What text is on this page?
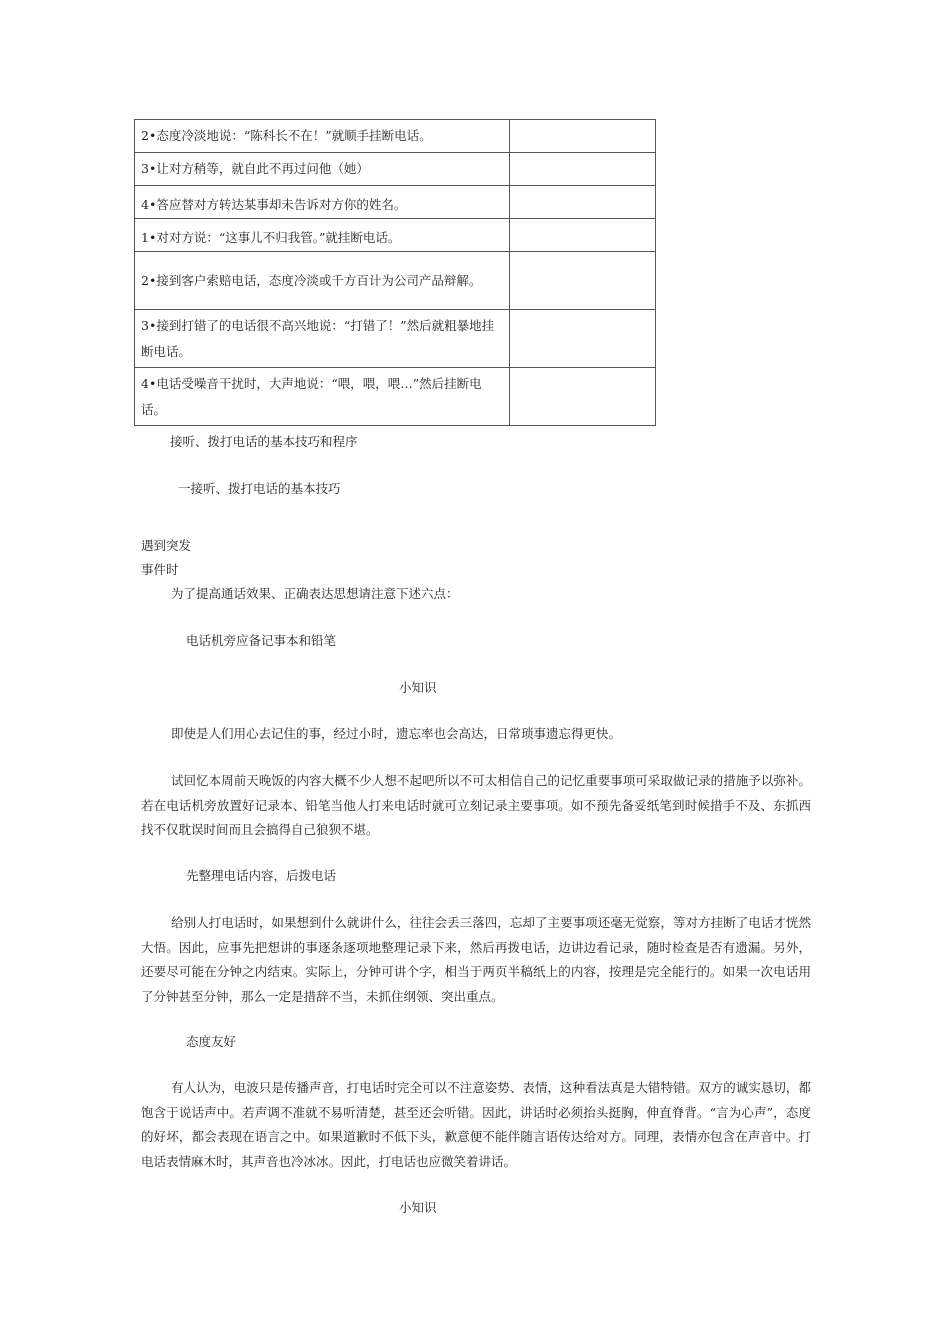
2•态度冷淡地说：“陈科长不在！”就顺手挂断电话。	
3•让对方稍等，就自此不再过问他（她）	
4•答应替对方转达某事却未告诉对方你的姓名。	
1•对对方说：“这事儿不归我管。”就挂断电话。	
2•接到客户索赔电话，态度冷淡或千方百计为公司产品辩解。	
3•接到打错了的电话很不高兴地说：“打错了！”然后就粗暴地挂断电话。	
4•电话受噪音干扰时，大声地说：“喂，喂，喂…”然后挂断电话。	
接听、拨打电话的基本技巧和程序
一接听、拨打电话的基本技巧
遇到突发
事件时
为了提高通话效果、正确表达思想请注意下述六点：
电话机旁应备记事本和铅笔
小知识
即使是人们用心去记住的事，经过小时，遗忘率也会高达，日常琐事遗忘得更快。
试回忆本周前天晚饭的内容大概不少人想不起吧所以不可太相信自己的记忆重要事项可采取做记录的措施予以弥补。若在电话机旁放置好记录本、铅笔当他人打来电话时就可立刻记录主要事项。如不预先备妥纸笔到时候措手不及、东抓西找不仅耽误时间而且会搞得自己狼狈不堪。
先整理电话内容，后拨电话
给别人打电话时，如果想到什么就讲什么，往往会丢三落四，忘却了主要事项还毫无觉察，等对方挂断了电话才恍然大悟。因此，应事先把想讲的事逐条逐项地整理记录下来，然后再拨电话，边讲边看记录，随时检查是否有遗漏。另外，还要尽可能在分钟之内结束。实际上，分钟可讲个字，相当于两页半稿纸上的内容，按理是完全能行的。如果一次电话用了分钟甚至分钟，那么一定是措辞不当，未抓住纲领、突出重点。
态度友好
有人认为，电波只是传播声音，打电话时完全可以不注意姿势、表情，这种看法真是大错特错。双方的诚实恳切，都饱含于说话声中。若声调不准就不易听清楚，甚至还会听错。因此，讲话时必须抬头挺胸，伸直脊背。“言为心声”，态度的好坏，都会表现在语言之中。如果道歉时不低下头，歉意便不能伴随言语传达给对方。同理，表情亦包含在声音中。打电话表情麻木时，其声音也冷冰冰。因此，打电话也应微笑着讲话。
小知识
